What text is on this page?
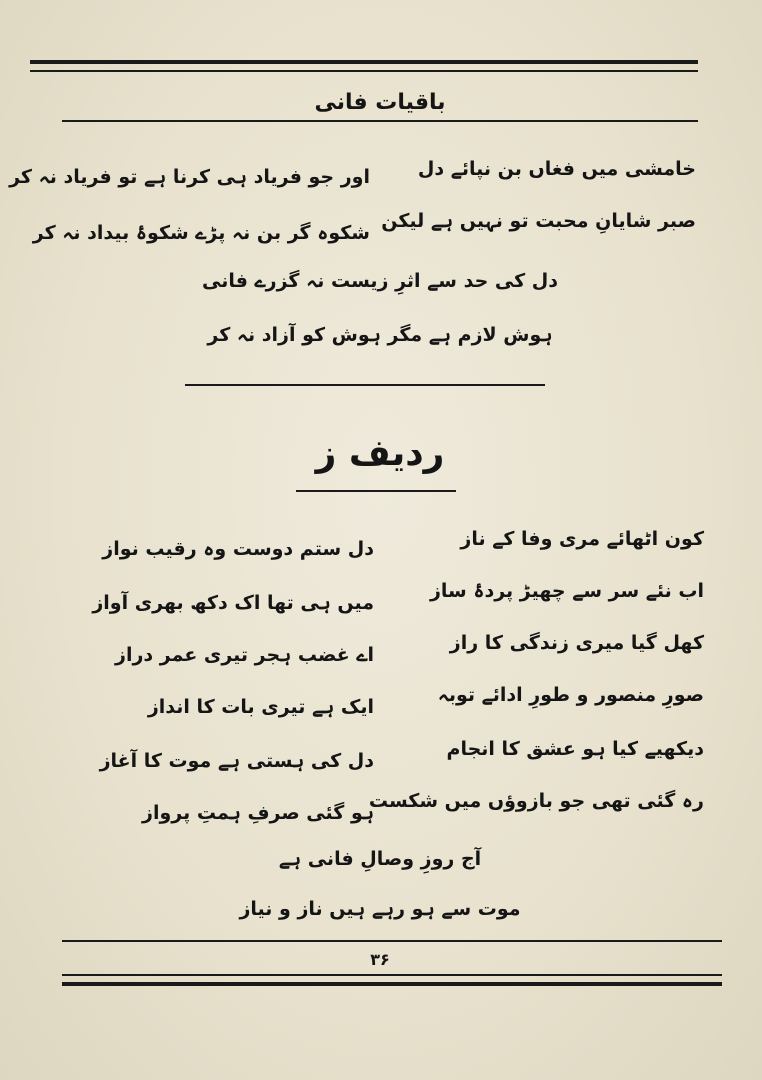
باقیات فانی
خامشی میں فغاں بن نپائے دل
صبر شایانِ محبت تو نہیں ہے لیکن
اور جو فریاد ہی کرنا ہے تو فریاد نہ کر
شکوہ گر بن نہ پڑے شکوۂ بیداد نہ کر
دل کی حد سے اثرِ زیست نہ گزرے فانی
ہوش لازم ہے مگر ہوش کو آزاد نہ کر
ردیف ز
کون اٹھائے مری وفا کے ناز
اب نئے سر سے چھیڑ پردۂ ساز
کھل گیا میری زندگی کا راز
صورِ منصور و طورِ ادائے توبہ
دیکھیے کیا ہو عشق کا انجام
رہ گئی تھی جو بازوؤں میں شکست
دل ستم دوست وہ رقیب نواز
میں ہی تھا اک دکھ بھری آواز
اے غضب ہجر تیری عمر دراز
ایک ہے تیری بات کا انداز
دل کی ہستی ہے موت کا آغاز
ہو گئی صرفِ ہمتِ پرواز
آج روزِ وصالِ فانی ہے
موت سے ہو رہے ہیں ناز و نیاز
۳۶
